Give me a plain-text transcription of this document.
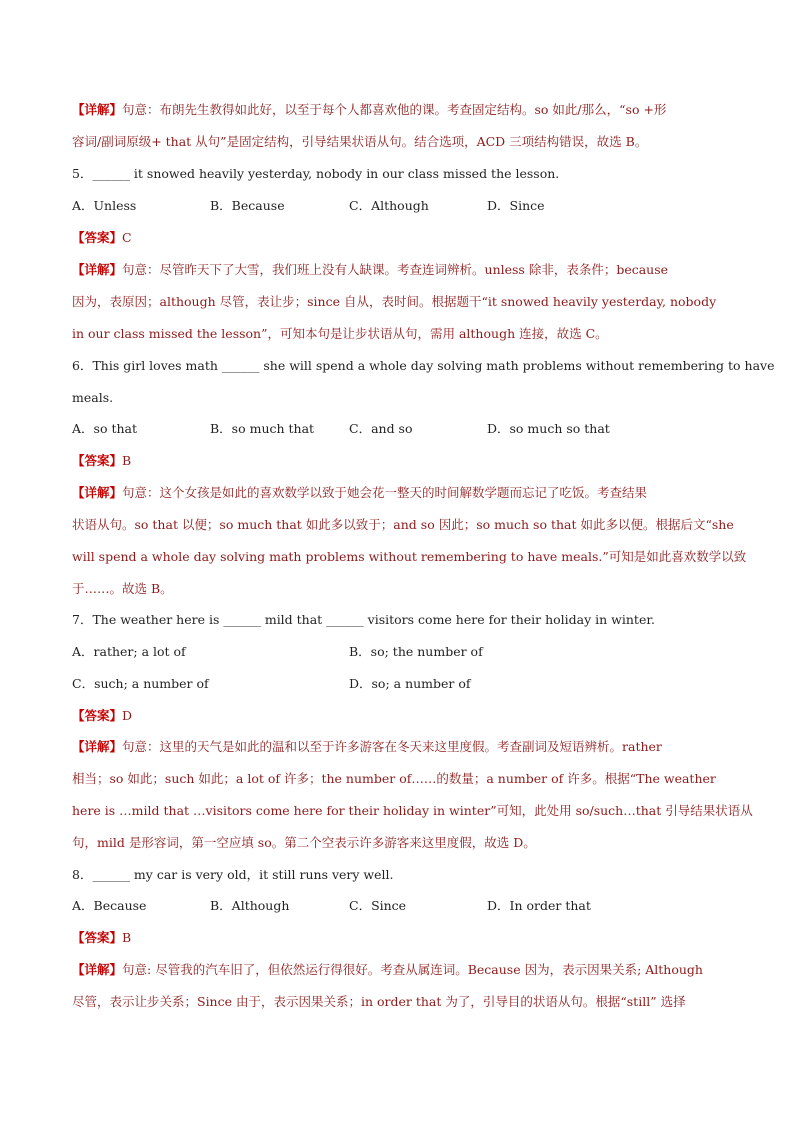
【详解】句意：布朗先生教得如此好，以至于每个人都喜欢他的课。考查固定结构。so 如此/那么，“so +形
容词/副词原级+ that 从句”是固定结构，引导结果状语从句。结合选项，ACD 三项结构错误，故选 B。
5．______ it snowed heavily yesterday, nobody in our class missed the lesson.
A．Unless	B．Because	C．Although	D．Since
【答案】C
【详解】句意：尽管昨天下了大雪，我们班上没有人缺课。考查连词辨析。unless 除非，表条件；because
因为，表原因；although 尽管，表让步；since 自从，表时间。根据题干“it snowed heavily yesterday, nobody
in our class missed the lesson”，可知本句是让步状语从句，需用 although 连接，故选 C。
6．This girl loves math ______ she will spend a whole day solving math problems without remembering to have
meals.
A．so that	B．so much that	C．and so	D．so much so that
【答案】B
【详解】句意：这个女孩是如此的喜欢数学以致于她会花一整天的时间解数学题而忘记了吃饭。考查结果
状语从句。so that 以便；so much that 如此多以致于；and so 因此；so much so that 如此多以便。根据后文“she
will spend a whole day solving math problems without remembering to have meals.”可知是如此喜欢数学以致
于……。故选 B。
7．The weather here is ______ mild that ______ visitors come here for their holiday in winter.
A．rather; a lot of	B．so; the number of
C．such; a number of	D．so; a number of
【答案】D
【详解】句意：这里的天气是如此的温和以至于许多游客在冬天来这里度假。考查副词及短语辨析。rather
相当；so 如此；such 如此；a lot of 许多；the number of……的数量；a number of 许多。根据“The weather
here is …mild that …visitors come here for their holiday in winter”可知，此处用 so/such…that 引导结果状语从
句，mild 是形容词，第一空应填 so。第二个空表示许多游客来这里度假，故选 D。
8．______ my car is very old，it still runs very well.
A．Because	B．Although	C．Since	D．In order that
【答案】B
【详解】句意: 尽管我的汽车旧了，但依然运行得很好。考查从属连词。Because 因为，表示因果关系; Although
尽管，表示让步关系；Since 由于，表示因果关系；in order that 为了，引导目的状语从句。根据“still” 选择
